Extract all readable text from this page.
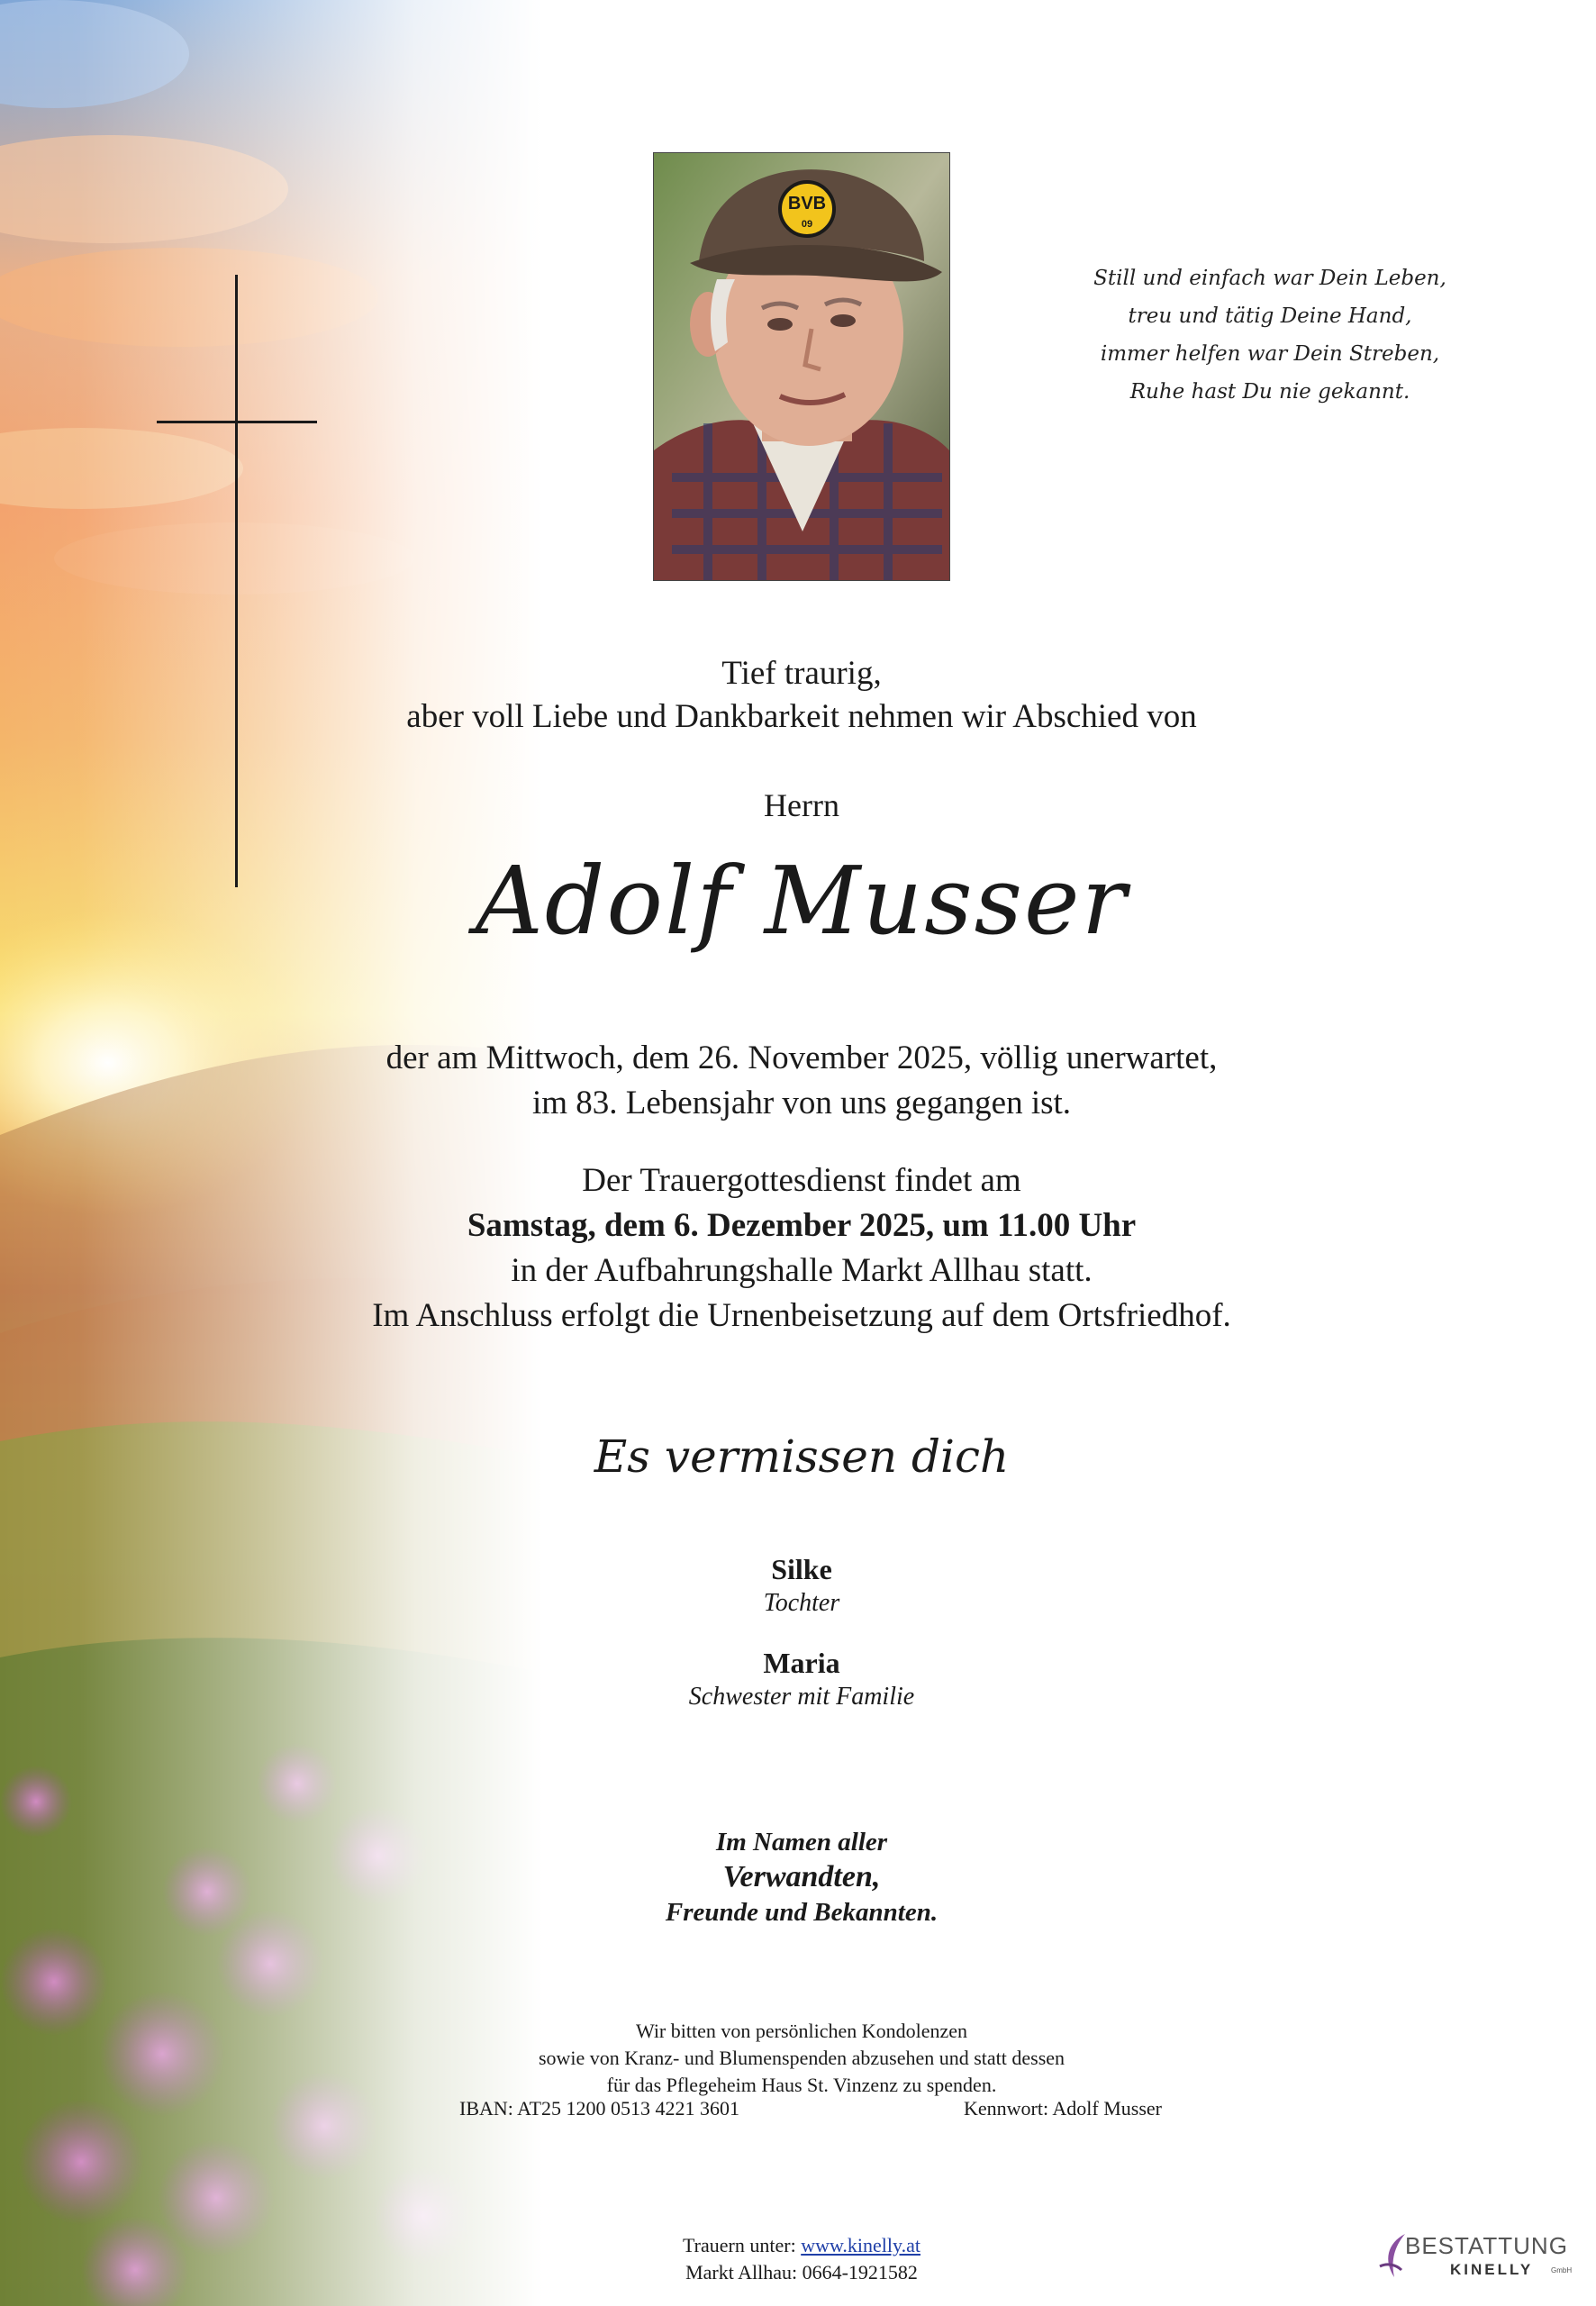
BVB
09
Still und einfach war Dein Leben,
treu und tätig Deine Hand,
immer helfen war Dein Streben,
Ruhe hast Du nie gekannt.
Tief traurig,
aber voll Liebe und Dankbarkeit nehmen wir Abschied von
Herrn
Adolf Musser
der am Mittwoch, dem 26. November 2025, völlig unerwartet,
im 83. Lebensjahr von uns gegangen ist.
Der Trauergottesdienst findet am
Samstag, dem 6. Dezember 2025, um 11.00 Uhr
in der Aufbahrungshalle Markt Allhau statt.
Im Anschluss erfolgt die Urnenbeisetzung auf dem Ortsfriedhof.
Es vermissen dich
Silke
Tochter
Maria
Schwester mit Familie
Im Namen aller
Verwandten,
Freunde und Bekannten.
Wir bitten von persönlichen Kondolenzen
sowie von Kranz- und Blumenspenden abzusehen und statt dessen
für das Pflegeheim Haus St. Vinzenz zu spenden.
IBAN: AT25 1200 0513 4221 3601	Kennwort: Adolf Musser
Trauern unter: www.kinelly.at
Markt Allhau: 0664-1921582
BESTATTUNG
KINELLY GmbH
